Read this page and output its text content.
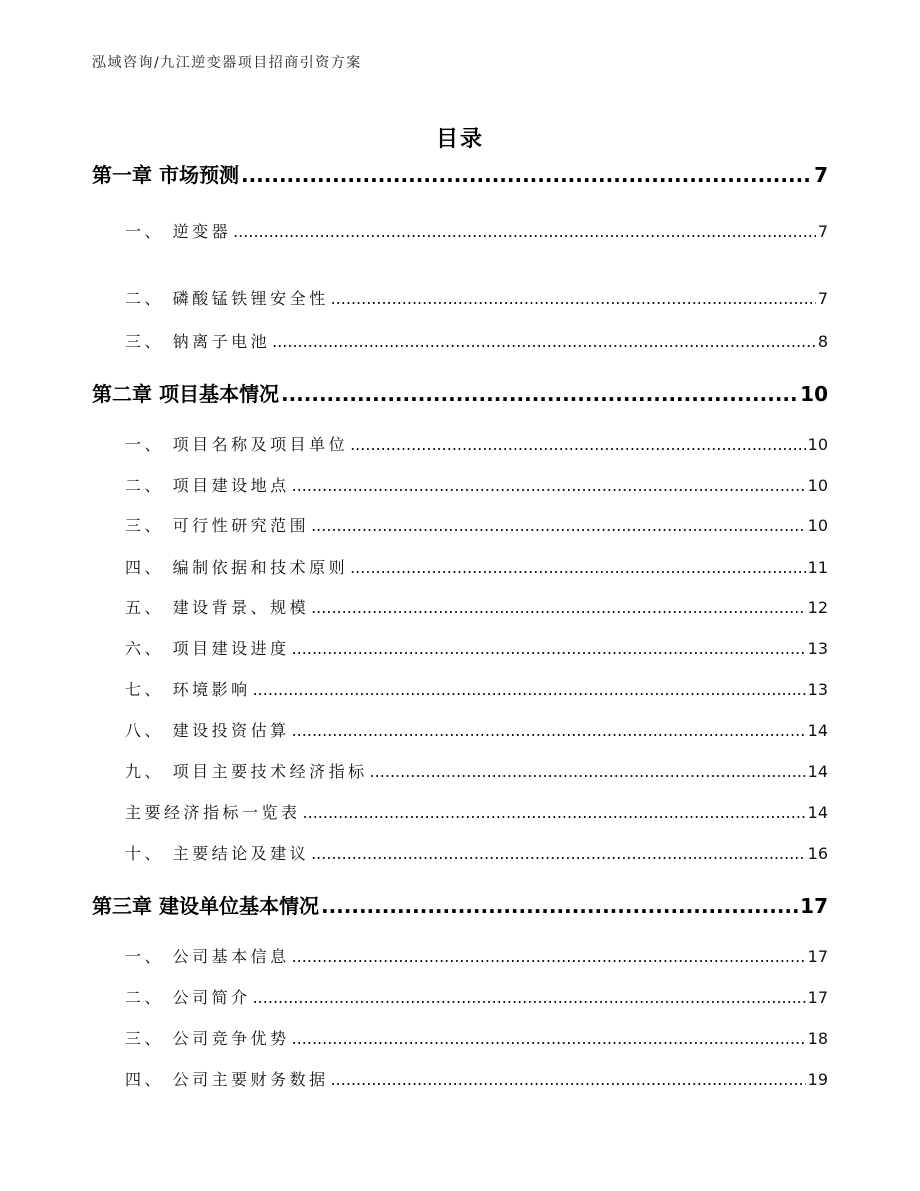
泓域咨询/九江逆变器项目招商引资方案
目录
第一章 市场预测 .....	7
一、 逆变器 .....	7
二、 磷酸锰铁锂安全性 .....	7
三、 钠离子电池 .....	8
第二章 项目基本情况 .....	10
一、 项目名称及项目单位 .....	10
二、 项目建设地点 .....	10
三、 可行性研究范围 .....	10
四、 编制依据和技术原则 .....	11
五、 建设背景、规模 .....	12
六、 项目建设进度 .....	13
七、 环境影响 .....	13
八、 建设投资估算 .....	14
九、 项目主要技术经济指标 .....	14
主要经济指标一览表 .....	14
十、 主要结论及建议 .....	16
第三章 建设单位基本情况 .....	17
一、 公司基本信息 .....	17
二、 公司简介 .....	17
三、 公司竞争优势 .....	18
四、 公司主要财务数据 .....	19
